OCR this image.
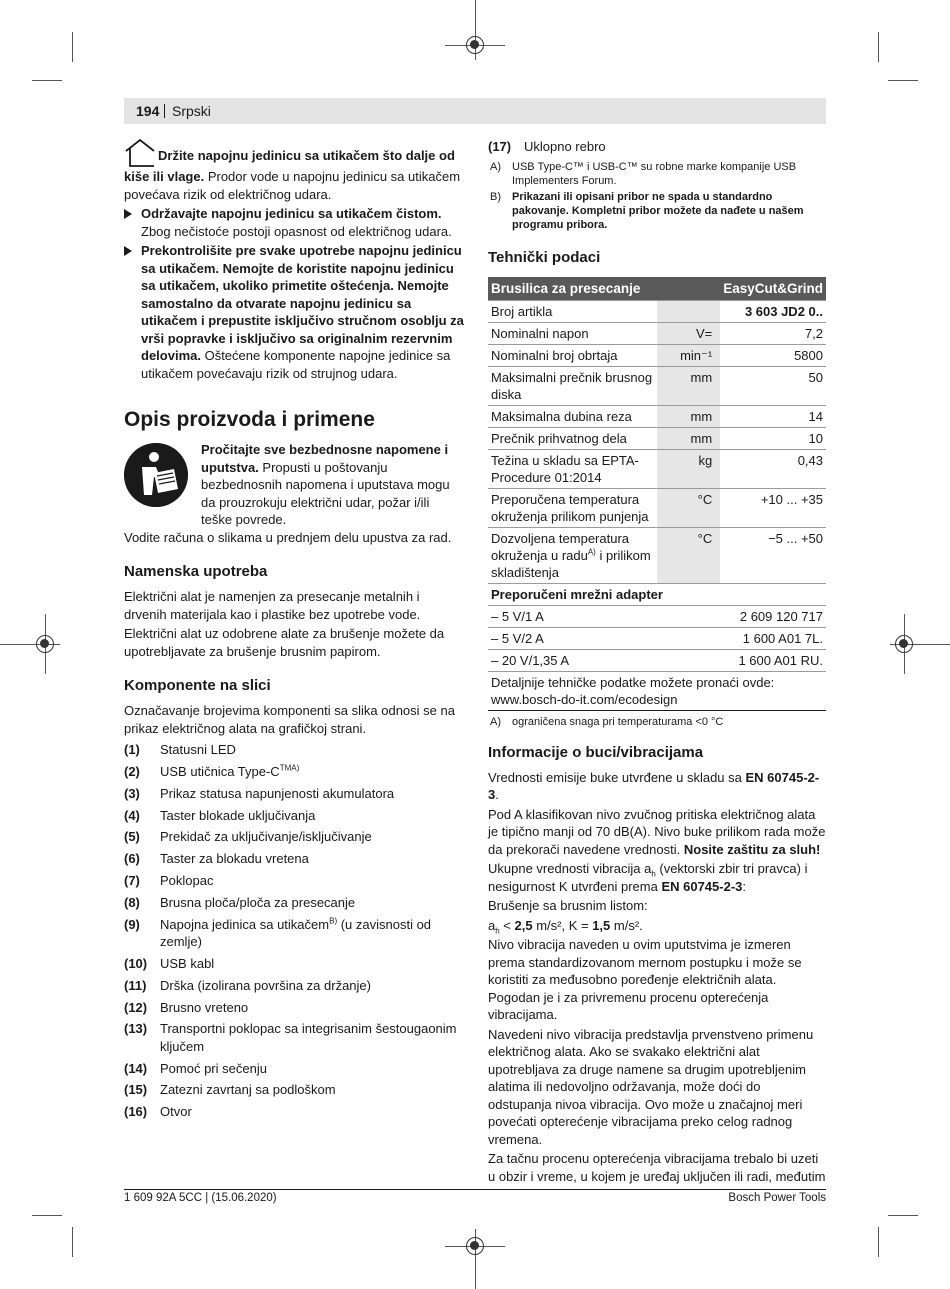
194 Srpski
Držite napojnu jedinicu sa utikačem što dalje od kiše ili vlage. Prodor vode u napojnu jedinicu sa utikačem povećava rizik od električnog udara.
Održavajte napojnu jedinicu sa utikačem čistom. Zbog nečistoće postoji opasnost od električnog udara.
Prekontrolišite pre svake upotrebe napojnu jedinicu sa utikačem. Nemojte de koristite napojnu jedinicu sa utikačem, ukoliko primetite oštećenja. Nemojte samostalno da otvarate napojnu jedinicu sa utikačem i prepustite isključivo stručnom osoblju za vrši popravke i isključivo sa originalnim rezervnim delovima. Oštećene komponente napojne jedinice sa utikačem povećavaju rizik od strujnog udara.
Opis proizvoda i primene
Pročitajte sve bezbednosne napomene i uputstva. Propusti u poštovanju bezbednosnih napomena i uputstava mogu da prouzrokuju električni udar, požar i/ili teške povrede.
Vodite računa o slikama u prednjem delu upustva za rad.
Namenska upotreba
Električni alat je namenjen za presecanje metalnih i drvenih materijala kao i plastike bez upotrebe vode.
Električni alat uz odobrene alate za brušenje možete da upotrebljavate za brušenje brusnim papirom.
Komponente na slici
Označavanje brojevima komponenti sa slika odnosi se na prikaz električnog alata na grafičkoj strani.
(1) Statusni LED
(2) USB utičnica Type-$C^{TMA)}$
(3) Prikaz statusa napunjenosti akumulatora
(4) Taster blokade uključivanja
(5) Prekidač za uključivanje/isključivanje
(6) Taster za blokadu vretena
(7) Poklopac
(8) Brusna ploča/ploča za presecanje
(9) Napojna jedinica sa utikačem$^{B)}$ (u zavisnosti od zemlje)
(10) USB kabl
(11) Drška (izolirana površina za držanje)
(12) Brusno vreteno
(13) Transportni poklopac sa integrisanim šestougaonim ključem
(14) Pomoć pri sečenju
(15) Zatezni zavrtanj sa podloškom
(16) Otvor
(17) Uklopno rebro
A) USB Type-C™ i USB-C™ su robne marke kompanije USB Implementers Forum.
B) Prikazani ili opisani pribor ne spada u standardno pakovanje. Kompletni pribor možete da nađete u našem programu pribora.
Tehnički podaci
Brusilica za presecanje		EasyCut&Grind
Broj artikla		3 603 JD2 0..
Nominalni napon	V=	7,2
Nominalni broj obrtaja	min⁻¹	5800
Maksimalni prečnik brusnog diska	mm	50
Maksimalna dubina reza	mm	14
Prečnik prihvatnog dela	mm	10
Težina u skladu sa EPTA-Procedure 01:2014	kg	0,43
Preporučena temperatura okruženja prilikom punjenja	°C	+10 ... +35
Dozvoljena temperatura okruženja u radu$^{A)}$ i prilikom skladištenja	°C	−5 ... +50
Preporučeni mrežni adapter		
– 5 V/1 A		2 609 120 717
– 5 V/2 A		1 600 A01 7L.
– 20 V/1,35 A		1 600 A01 RU.
Detaljnije tehničke podatke možete pronaći ovde: www.bosch-do-it.com/ecodesign		
A) ograničena snaga pri temperaturama <0 °C
Informacije o buci/vibracijama
Vrednosti emisije buke utvrđene u skladu sa EN 60745-2-3.
Pod A klasifikovan nivo zvučnog pritiska električnog alata je tipično manji od 70 dB(A). Nivo buke prilikom rada može da prekorači navedene vrednosti. Nosite zaštitu za sluh!
Ukupne vrednosti vibracija $a_h$ (vektorski zbir tri pravca) i nesigurnost K utvrđeni prema EN 60745-2-3:
Brušenje sa brusnim listom:
$a_h < 2,5$ m/s², K = 1,5 m/s².
Nivo vibracija naveden u ovim uputstvima je izmeren prema standardizovanom mernom postupku i može se koristiti za međusobno poređenje električnih alata. Pogodan je i za privremenu procenu opterećenja vibracijama.
Navedeni nivo vibracija predstavlja prvenstveno primenu električnog alata. Ako se svakako električni alat upotrebljava za druge namene sa drugim upotrebljenim alatima ili nedovoljno održavanja, može doći do odstupanja nivoa vibracija. Ovo može u značajnoj meri povećati opterećenje vibracijama preko celog radnog vremena.
Za tačnu procenu opterećenja vibracijama trebalo bi uzeti u obzir i vreme, u kojem je uređaj uključen ili radi, međutim
1 609 92A 5CC | (15.06.2020)	Bosch Power Tools
